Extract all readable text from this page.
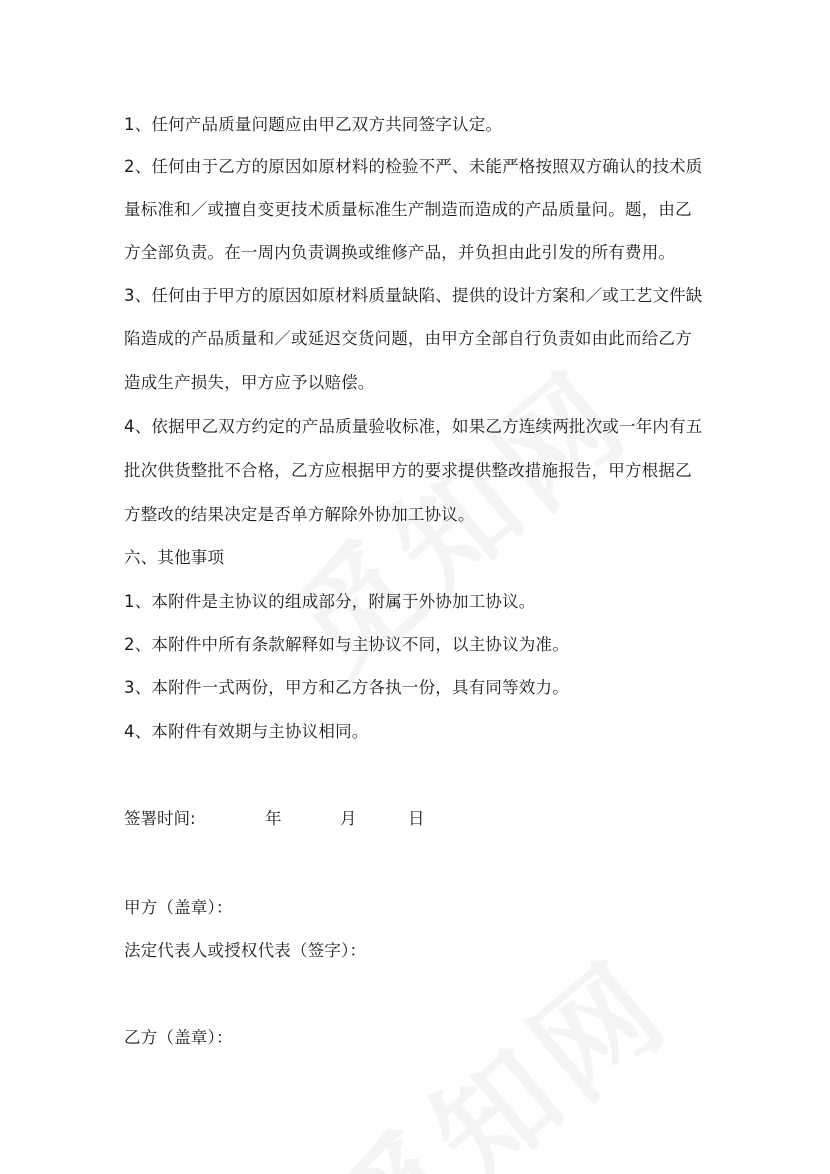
1、任何产品质量问题应由甲乙双方共同签字认定。
2、任何由于乙方的原因如原材料的检验不严、未能严格按照双方确认的技术质
量标准和／或擅自变更技术质量标准生产制造而造成的产品质量问。题，由乙
方全部负责。在一周内负责调换或维修产品，并负担由此引发的所有费用。
3、任何由于甲方的原因如原材料质量缺陷、提供的设计方案和／或工艺文件缺
陷造成的产品质量和／或延迟交货问题，由甲方全部自行负责如由此而给乙方
造成生产损失，甲方应予以赔偿。
4、依据甲乙双方约定的产品质量验收标准，如果乙方连续两批次或一年内有五
批次供货整批不合格，乙方应根据甲方的要求提供整改措施报告，甲方根据乙
方整改的结果决定是否单方解除外协加工协议。
六、其他事项
1、本附件是主协议的组成部分，附属于外协加工协议。
2、本附件中所有条款解释如与主协议不同，以主协议为准。
3、本附件一式两份，甲方和乙方各执一份，具有同等效力。
4、本附件有效期与主协议相同。
签署时间:	年	月	日
甲方（盖章）：
法定代表人或授权代表（签字）：
乙方（盖章）：
